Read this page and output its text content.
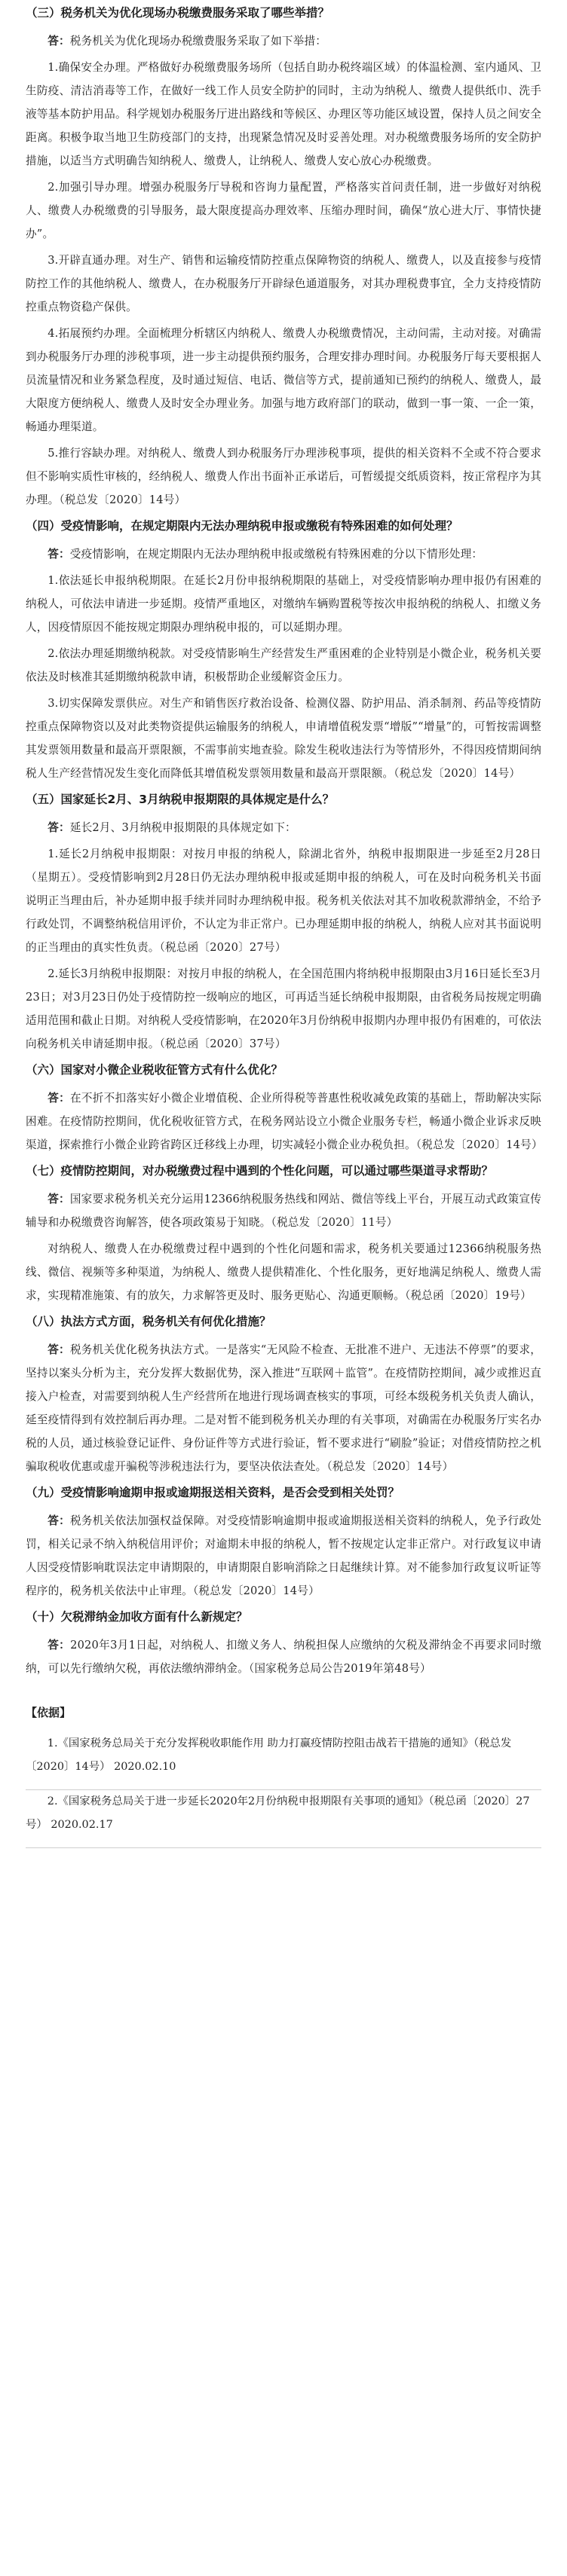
（三）税务机关为优化现场办税缴费服务采取了哪些举措？

答：税务机关为优化现场办税缴费服务采取了如下举措：

1.确保安全办理。严格做好办税缴费服务场所（包括自助办税终端区域）的体温检测、室内通风、卫生防疫、清洁消毒等工作，在做好一线工作人员安全防护的同时，主动为纳税人、缴费人提供纸巾、洗手液等基本防护用品。科学规划办税服务厅进出路线和等候区、办理区等功能区域设置，保持人员之间安全距离。积极争取当地卫生防疫部门的支持，出现紧急情况及时妥善处理。对办税缴费服务场所的安全防护措施，以适当方式明确告知纳税人、缴费人，让纳税人、缴费人安心放心办税缴费。

2.加强引导办理。增强办税服务厅导税和咨询力量配置，严格落实首问责任制，进一步做好对纳税人、缴费人办税缴费的引导服务，最大限度提高办理效率、压缩办理时间，确保“放心进大厅、事情快捷办”。

3.开辟直通办理。对生产、销售和运输疫情防控重点保障物资的纳税人、缴费人，以及直接参与疫情防控工作的其他纳税人、缴费人，在办税服务厅开辟绿色通道服务，对其办理税费事宜，全力支持疫情防控重点物资稳产保供。

4.拓展预约办理。全面梳理分析辖区内纳税人、缴费人办税缴费情况，主动问需，主动对接。对确需到办税服务厅办理的涉税事项，进一步主动提供预约服务，合理安排办理时间。办税服务厅每天要根据人员流量情况和业务紧急程度，及时通过短信、电话、微信等方式，提前通知已预约的纳税人、缴费人，最大限度方便纳税人、缴费人及时安全办理业务。加强与地方政府部门的联动，做到一事一策、一企一策，畅通办理渠道。

5.推行容缺办理。对纳税人、缴费人到办税服务厅办理涉税事项，提供的相关资料不全或不符合要求但不影响实质性审核的，经纳税人、缴费人作出书面补正承诺后，可暂缓提交纸质资料，按正常程序为其办理。（税总发〔2020〕14号）

（四）受疫情影响，在规定期限内无法办理纳税申报或缴税有特殊困难的如何处理？

答：受疫情影响，在规定期限内无法办理纳税申报或缴税有特殊困难的分以下情形处理：

1.依法延长申报纳税期限。在延长2月份申报纳税期限的基础上，对受疫情影响办理申报仍有困难的纳税人，可依法申请进一步延期。疫情严重地区，对缴纳车辆购置税等按次申报纳税的纳税人、扣缴义务人，因疫情原因不能按规定期限办理纳税申报的，可以延期办理。

2.依法办理延期缴纳税款。对受疫情影响生产经营发生严重困难的企业特别是小微企业，税务机关要依法及时核准其延期缴纳税款申请，积极帮助企业缓解资金压力。

3.切实保障发票供应。对生产和销售医疗救治设备、检测仪器、防护用品、消杀制剂、药品等疫情防控重点保障物资以及对此类物资提供运输服务的纳税人，申请增值税发票“增版”“增量”的，可暂按需调整其发票领用数量和最高开票限额，不需事前实地查验。除发生税收违法行为等情形外，不得因疫情期间纳税人生产经营情况发生变化而降低其增值税发票领用数量和最高开票限额。（税总发〔2020〕14号）

（五）国家延长2月、3月纳税申报期限的具体规定是什么？

答：延长2月、3月纳税申报期限的具体规定如下：

1.延长2月纳税申报期限：对按月申报的纳税人，除湖北省外，纳税申报期限进一步延至2月28日（星期五）。受疫情影响到2月28日仍无法办理纳税申报或延期申报的纳税人，可在及时向税务机关书面说明正当理由后，补办延期申报手续并同时办理纳税申报。税务机关依法对其不加收税款滞纳金，不给予行政处罚，不调整纳税信用评价，不认定为非正常户。已办理延期申报的纳税人，纳税人应对其书面说明的正当理由的真实性负责。（税总函〔2020〕27号）

2.延长3月纳税申报期限：对按月申报的纳税人，在全国范围内将纳税申报期限由3月16日延长至3月23日；对3月23日仍处于疫情防控一级响应的地区，可再适当延长纳税申报期限，由省税务局按规定明确适用范围和截止日期。对纳税人受疫情影响，在2020年3月份纳税申报期内办理申报仍有困难的，可依法向税务机关申请延期申报。（税总函〔2020〕37号）

（六）国家对小微企业税收征管方式有什么优化？

答：在不折不扣落实好小微企业增值税、企业所得税等普惠性税收减免政策的基础上，帮助解决实际困难。在疫情防控期间，优化税收征管方式，在税务网站设立小微企业服务专栏，畅通小微企业诉求反映渠道，探索推行小微企业跨省跨区迁移线上办理，切实减轻小微企业办税负担。（税总发〔2020〕14号）

（七）疫情防控期间，对办税缴费过程中遇到的个性化问题，可以通过哪些渠道寻求帮助？

答：国家要求税务机关充分运用12366纳税服务热线和网站、微信等线上平台，开展互动式政策宣传辅导和办税缴费咨询解答，使各项政策易于知晓。（税总发〔2020〕11号）

对纳税人、缴费人在办税缴费过程中遇到的个性化问题和需求，税务机关要通过12366纳税服务热线、微信、视频等多种渠道，为纳税人、缴费人提供精准化、个性化服务，更好地满足纳税人、缴费人需求，实现精准施策、有的放矢，力求解答更及时、服务更贴心、沟通更顺畅。（税总函〔2020〕19号）

（八）执法方式方面，税务机关有何优化措施？

答：税务机关优化税务执法方式。一是落实“无风险不检查、无批准不进户、无违法不停票”的要求，坚持以案头分析为主，充分发挥大数据优势，深入推进“互联网＋监管”。在疫情防控期间，减少或推迟直接入户检查，对需要到纳税人生产经营所在地进行现场调查核实的事项，可经本级税务机关负责人确认，延至疫情得到有效控制后再办理。二是对暂不能到税务机关办理的有关事项，对确需在办税服务厅实名办税的人员，通过核验登记证件、身份证件等方式进行验证，暂不要求进行“刷脸”验证；对借疫情防控之机骗取税收优惠或虚开骗税等涉税违法行为，要坚决依法查处。（税总发〔2020〕14号）

（九）受疫情影响逾期申报或逾期报送相关资料，是否会受到相关处罚？

答：税务机关依法加强权益保障。对受疫情影响逾期申报或逾期报送相关资料的纳税人，免予行政处罚，相关记录不纳入纳税信用评价；对逾期未申报的纳税人，暂不按规定认定非正常户。对行政复议申请人因受疫情影响耽误法定申请期限的，申请期限自影响消除之日起继续计算。对不能参加行政复议听证等程序的，税务机关依法中止审理。（税总发〔2020〕14号）

（十）欠税滞纳金加收方面有什么新规定？

答：2020年3月1日起，对纳税人、扣缴义务人、纳税担保人应缴纳的欠税及滞纳金不再要求同时缴纳，可以先行缴纳欠税，再依法缴纳滞纳金。（国家税务总局公告2019年第48号）

【依据】
1.《国家税务总局关于充分发挥税收职能作用 助力打赢疫情防控阻击战若干措施的通知》（税总发〔2020〕14号） 2020.02.10
2.《国家税务总局关于进一步延长2020年2月份纳税申报期限有关事项的通知》（税总函〔2020〕27号） 2020.02.17
